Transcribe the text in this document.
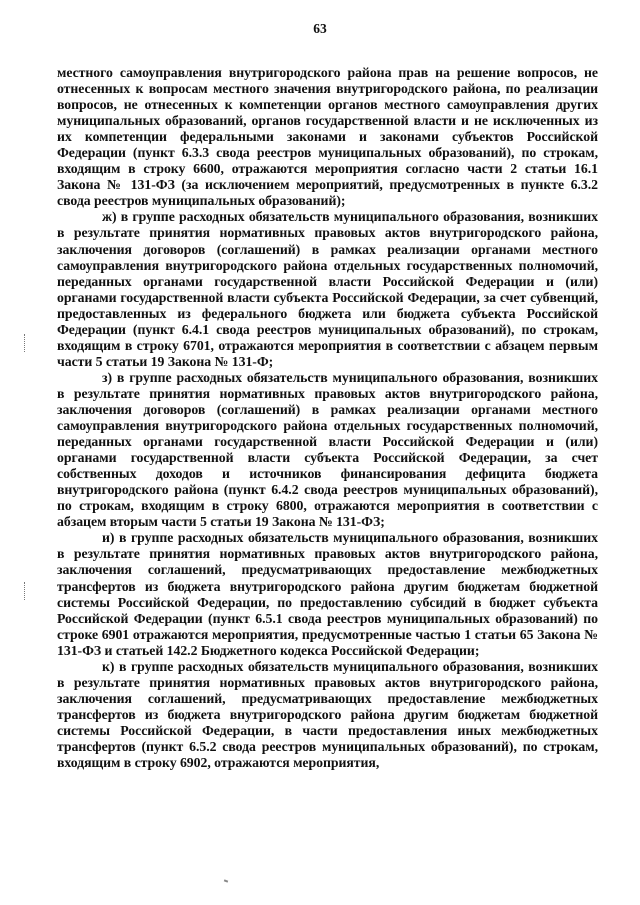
63

местного самоуправления внутригородского района прав на решение вопросов, не отнесенных к вопросам местного значения внутригородского района, по реализации вопросов, не отнесенных к компетенции органов местного самоуправления других муниципальных образований, органов государственной власти и не исключенных из их компетенции федеральными законами и законами субъектов Российской Федерации (пункт 6.3.3 свода реестров муниципальных образований), по строкам, входящим в строку 6600, отражаются мероприятия согласно части 2 статьи 16.1 Закона № 131-ФЗ (за исключением мероприятий, предусмотренных в пункте 6.3.2 свода реестров муниципальных образований);

ж) в группе расходных обязательств муниципального образования, возникших в результате принятия нормативных правовых актов внутригородского района, заключения договоров (соглашений) в рамках реализации органами местного самоуправления внутригородского района отдельных государственных полномочий, переданных органами государственной власти Российской Федерации и (или) органами государственной власти субъекта Российской Федерации, за счет субвенций, предоставленных из федерального бюджета или бюджета субъекта Российской Федерации (пункт 6.4.1 свода реестров муниципальных образований), по строкам, входящим в строку 6701, отражаются мероприятия в соответствии с абзацем первым части 5 статьи 19 Закона № 131-Ф;

з) в группе расходных обязательств муниципального образования, возникших в результате принятия нормативных правовых актов внутригородского района, заключения договоров (соглашений) в рамках реализации органами местного самоуправления внутригородского района отдельных государственных полномочий, переданных органами государственной власти Российской Федерации и (или) органами государственной власти субъекта Российской Федерации, за счет собственных доходов и источников финансирования дефицита бюджета внутригородского района (пункт 6.4.2 свода реестров муниципальных образований), по строкам, входящим в строку 6800, отражаются мероприятия в соответствии с абзацем вторым части 5 статьи 19 Закона № 131-ФЗ;

и) в группе расходных обязательств муниципального образования, возникших в результате принятия нормативных правовых актов внутригородского района, заключения соглашений, предусматривающих предоставление межбюджетных трансфертов из бюджета внутригородского района другим бюджетам бюджетной системы Российской Федерации, по предоставлению субсидий в бюджет субъекта Российской Федерации (пункт 6.5.1 свода реестров муниципальных образований) по строке 6901 отражаются мероприятия, предусмотренные частью 1 статьи 65 Закона № 131-ФЗ и статьей 142.2 Бюджетного кодекса Российской Федерации;

к) в группе расходных обязательств муниципального образования, возникших в результате принятия нормативных правовых актов внутригородского района, заключения соглашений, предусматривающих предоставление межбюджетных трансфертов из бюджета внутригородского района другим бюджетам бюджетной системы Российской Федерации, в части предоставления иных межбюджетных трансфертов (пункт 6.5.2 свода реестров муниципальных образований), по строкам, входящим в строку 6902, отражаются мероприятия,
